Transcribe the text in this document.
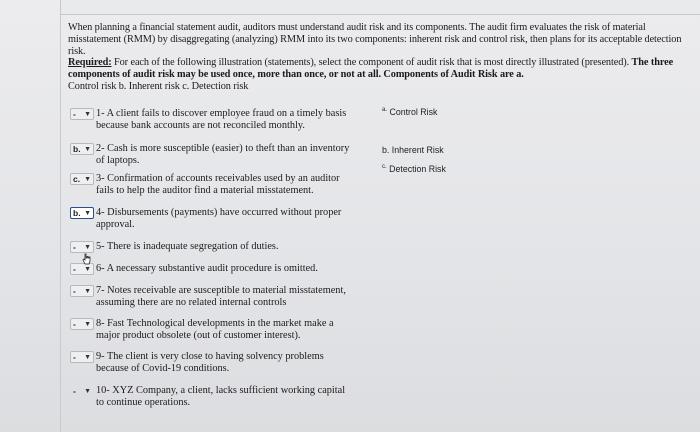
When planning a financial statement audit, auditors must understand audit risk and its components. The audit firm evaluates the risk of material misstatement (RMM) by disaggregating (analyzing) RMM into its two components: inherent risk and control risk, then plans for its acceptable detection risk.
Required: For each of the following illustration (statements), select the component of audit risk that is most directly illustrated (presented). The three components of audit risk may be used once, more than once, or not at all. Components of Audit Risk are a.
Control risk b. Inherent risk c. Detection risk
$^{a.}$ Control Risk
b. Inherent Risk
$^{c.}$ Detection Risk
- ▼ 1- A client fails to discover employee fraud on a timely basis
because bank accounts are not reconciled monthly.
b. ▼ 2- Cash is more susceptible (easier) to theft than an inventory
of laptops.
c. ▼ 3- Confirmation of accounts receivables used by an auditor
fails to help the auditor find a material misstatement.
b. ▼ 4- Disbursements (payments) have occurred without proper
approval.
- ▼ 5- There is inadequate segregation of duties.
- ▼ 6- A necessary substantive audit procedure is omitted.
- ▼ 7- Notes receivable are susceptible to material misstatement,
assuming there are no related internal controls
- ▼ 8- Fast Technological developments in the market make a
major product obsolete (out of customer interest).
- ▼ 9- The client is very close to having solvency problems
because of Covid-19 conditions.
- ▼ 10- XYZ Company, a client, lacks sufficient working capital
to continue operations.
